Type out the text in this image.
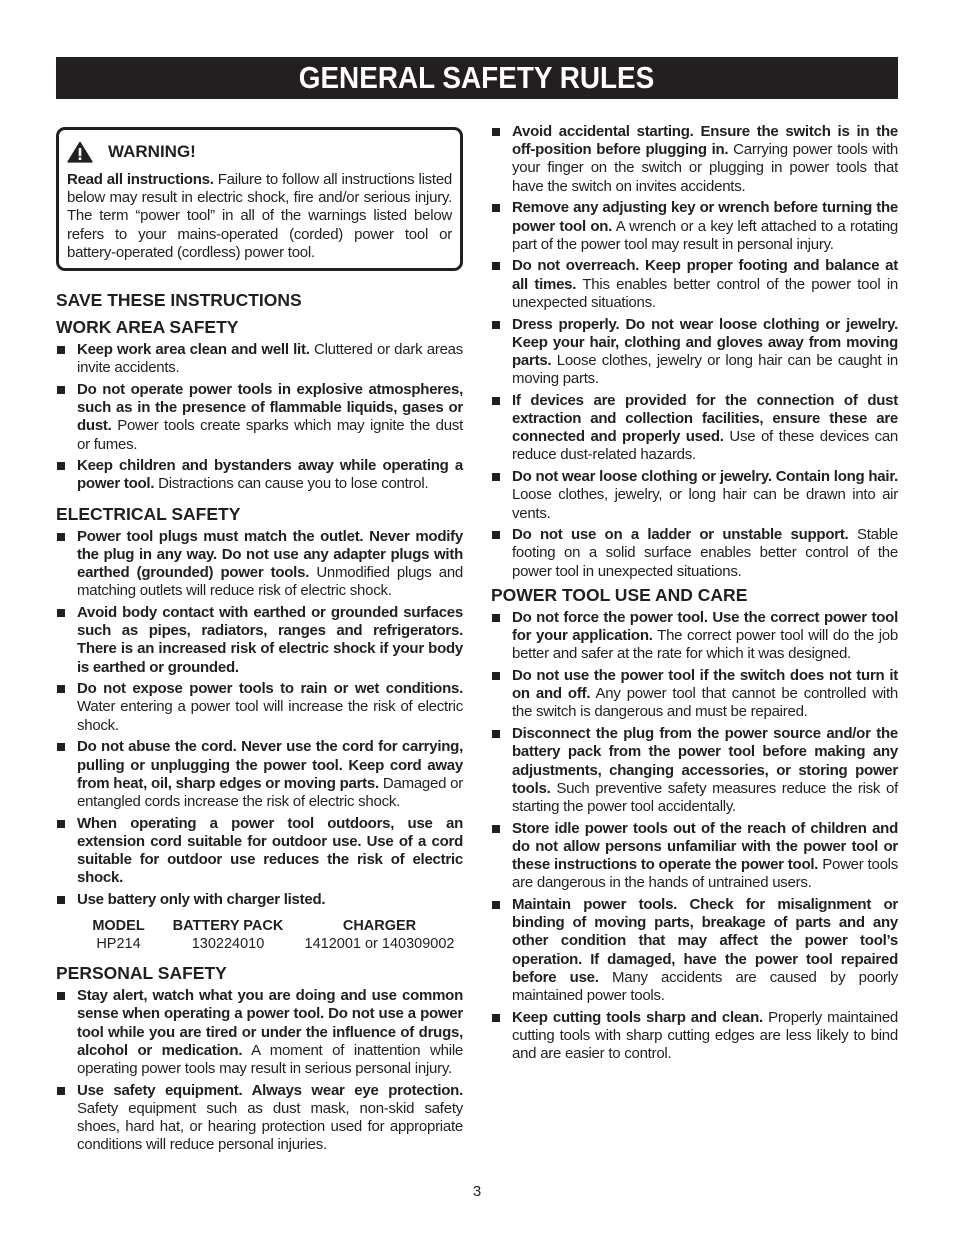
GENERAL SAFETY RULES
WARNING!

Read all instructions. Failure to follow all instructions listed below may result in electric shock, fire and/or serious injury. The term “power tool” in all of the warnings listed below refers to your mains-operated (corded) power tool or battery-operated (cordless) power tool.

SAVE THESE INSTRUCTIONS
WORK AREA SAFETY
Keep work area clean and well lit. Cluttered or dark areas invite accidents.
Do not operate power tools in explosive atmospheres, such as in the presence of flammable liquids, gases or dust. Power tools create sparks which may ignite the dust or fumes.
Keep children and bystanders away while operating a power tool. Distractions can cause you to lose control.
ELECTRICAL SAFETY
Power tool plugs must match the outlet. Never modify the plug in any way. Do not use any adapter plugs with earthed (grounded) power tools. Unmodified plugs and matching outlets will reduce risk of electric shock.
Avoid body contact with earthed or grounded surfaces such as pipes, radiators, ranges and refrigerators. There is an increased risk of electric shock if your body is earthed or grounded.
Do not expose power tools to rain or wet conditions. Water entering a power tool will increase the risk of electric shock.
Do not abuse the cord. Never use the cord for carrying, pulling or unplugging the power tool. Keep cord away from heat, oil, sharp edges or moving parts. Damaged or entangled cords increase the risk of electric shock.
When operating a power tool outdoors, use an extension cord suitable for outdoor use. Use of a cord suitable for outdoor use reduces the risk of electric shock.
Use battery only with charger listed.
MODEL	BATTERY PACK	CHARGER
HP214	130224010	1412001 or 140309002
PERSONAL SAFETY
Stay alert, watch what you are doing and use common sense when operating a power tool. Do not use a power tool while you are tired or under the influence of drugs, alcohol or medication. A moment of inattention while operating power tools may result in serious personal injury.
Use safety equipment. Always wear eye protection. Safety equipment such as dust mask, non-skid safety shoes, hard hat, or hearing protection used for appropriate conditions will reduce personal injuries.
Avoid accidental starting. Ensure the switch is in the off-position before plugging in. Carrying power tools with your finger on the switch or plugging in power tools that have the switch on invites accidents.
Remove any adjusting key or wrench before turning the power tool on. A wrench or a key left attached to a rotating part of the power tool may result in personal injury.
Do not overreach. Keep proper footing and balance at all times. This enables better control of the power tool in unexpected situations.
Dress properly. Do not wear loose clothing or jewelry. Keep your hair, clothing and gloves away from moving parts. Loose clothes, jewelry or long hair can be caught in moving parts.
If devices are provided for the connection of dust extraction and collection facilities, ensure these are connected and properly used. Use of these devices can reduce dust-related hazards.
Do not wear loose clothing or jewelry. Contain long hair. Loose clothes, jewelry, or long hair can be drawn into air vents.
Do not use on a ladder or unstable support. Stable footing on a solid surface enables better control of the power tool in unexpected situations.
POWER TOOL USE AND CARE
Do not force the power tool. Use the correct power tool for your application. The correct power tool will do the job better and safer at the rate for which it was designed.
Do not use the power tool if the switch does not turn it on and off. Any power tool that cannot be controlled with the switch is dangerous and must be repaired.
Disconnect the plug from the power source and/or the battery pack from the power tool before making any adjustments, changing accessories, or storing power tools. Such preventive safety measures reduce the risk of starting the power tool accidentally.
Store idle power tools out of the reach of children and do not allow persons unfamiliar with the power tool or these instructions to operate the power tool. Power tools are dangerous in the hands of untrained users.
Maintain power tools. Check for misalignment or binding of moving parts, breakage of parts and any other condition that may affect the power tool’s operation. If damaged, have the power tool repaired before use. Many accidents are caused by poorly maintained power tools.
Keep cutting tools sharp and clean. Properly maintained cutting tools with sharp cutting edges are less likely to bind and are easier to control.
3
